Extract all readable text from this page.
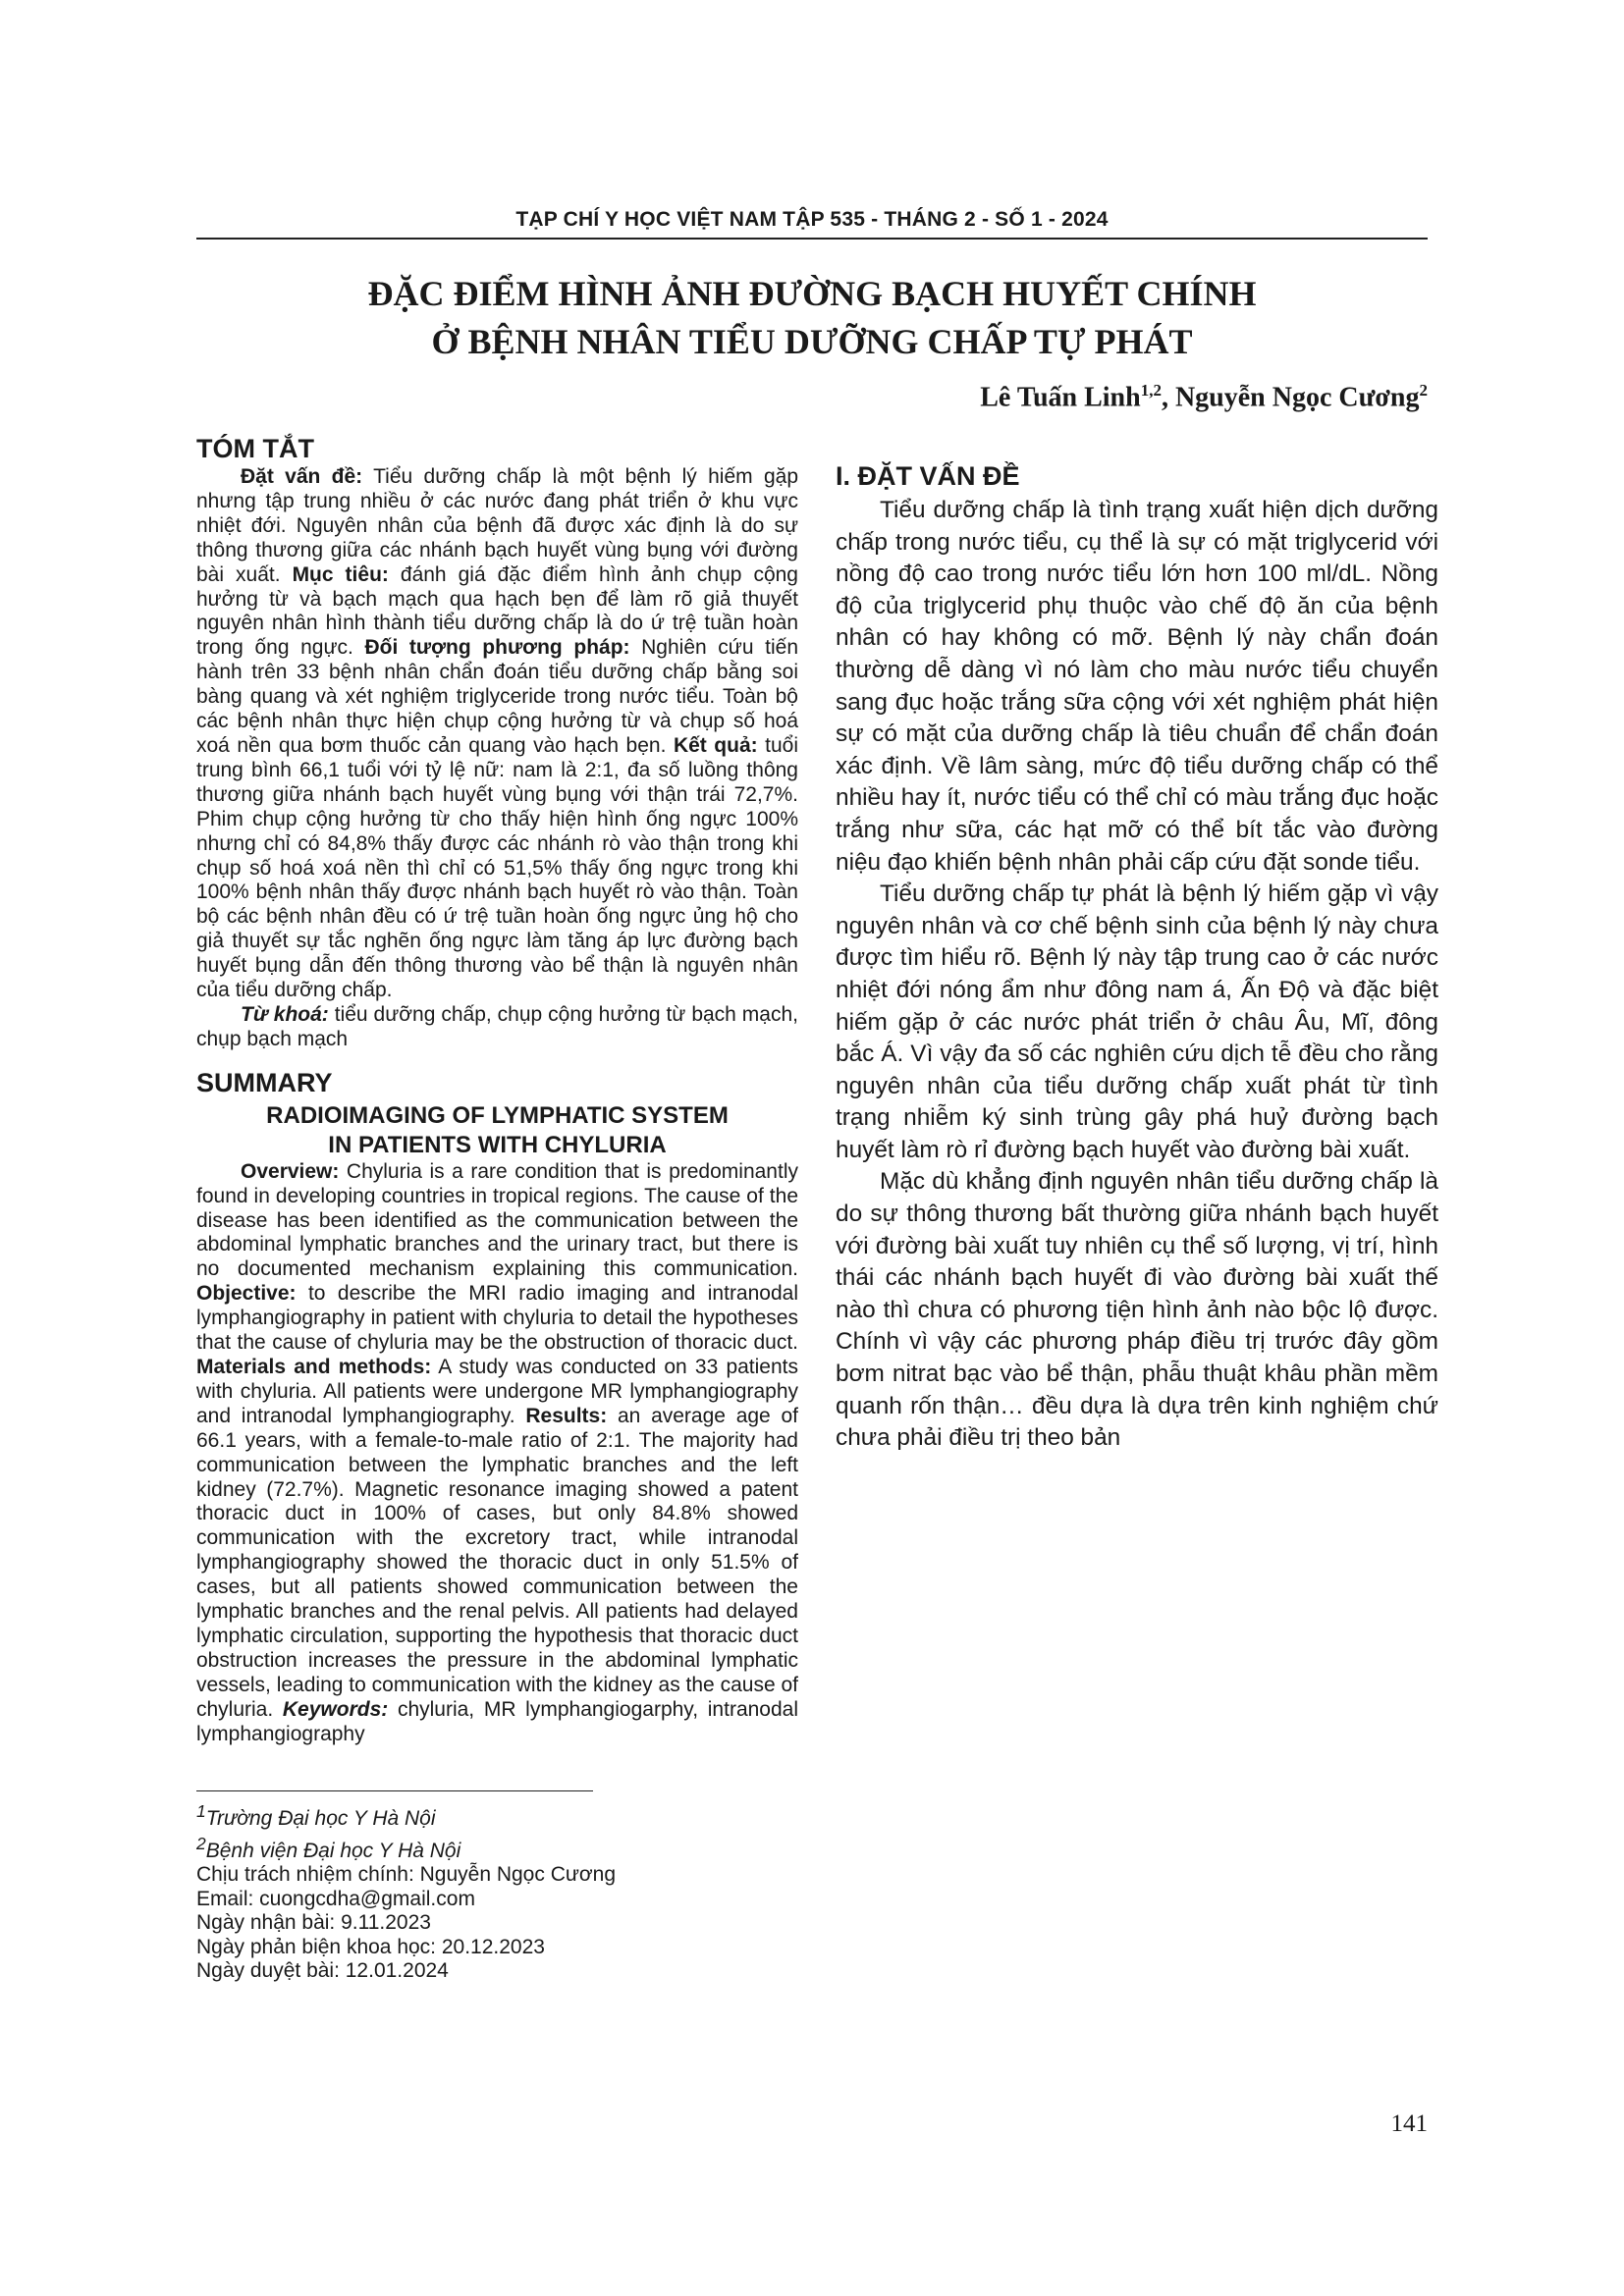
TẠP CHÍ Y HỌC VIỆT NAM TẬP 535 - THÁNG 2 - SỐ 1 - 2024
ĐẶC ĐIỂM HÌNH ẢNH ĐƯỜNG BẠCH HUYẾT CHÍNH
Ở BỆNH NHÂN TIỂU DƯỠNG CHẤP TỰ PHÁT
Lê Tuấn Linh$^{1,2}$, Nguyễn Ngọc Cương$^2$
TÓM TẮT

Đặt vấn đề: Tiểu dưỡng chấp là một bệnh lý hiếm gặp nhưng tập trung nhiều ở các nước đang phát triển ở khu vực nhiệt đới. Nguyên nhân của bệnh đã được xác định là do sự thông thương giữa các nhánh bạch huyết vùng bụng với đường bài xuất. Mục tiêu: đánh giá đặc điểm hình ảnh chụp cộng hưởng từ và bạch mạch qua hạch bẹn để làm rõ giả thuyết nguyên nhân hình thành tiểu dưỡng chấp là do ứ trệ tuần hoàn trong ống ngực. Đối tượng phương pháp: Nghiên cứu tiến hành trên 33 bệnh nhân chẩn đoán tiểu dưỡng chấp bằng soi bàng quang và xét nghiệm triglyceride trong nước tiểu. Toàn bộ các bệnh nhân thực hiện chụp cộng hưởng từ và chụp số hoá xoá nền qua bơm thuốc cản quang vào hạch bẹn. Kết quả: tuổi trung bình 66,1 tuổi với tỷ lệ nữ: nam là 2:1, đa số luồng thông thương giữa nhánh bạch huyết vùng bụng với thận trái 72,7%. Phim chụp cộng hưởng từ cho thấy hiện hình ống ngực 100% nhưng chỉ có 84,8% thấy được các nhánh rò vào thận trong khi chụp số hoá xoá nền thì chỉ có 51,5% thấy ống ngực trong khi 100% bệnh nhân thấy được nhánh bạch huyết rò vào thận. Toàn bộ các bệnh nhân đều có ứ trệ tuần hoàn ống ngực ủng hộ cho giả thuyết sự tắc nghẽn ống ngực làm tăng áp lực đường bạch huyết bụng dẫn đến thông thương vào bể thận là nguyên nhân của tiểu dưỡng chấp.

Từ khoá: tiểu dưỡng chấp, chụp cộng hưởng từ bạch mạch, chụp bạch mạch

SUMMARY
RADIOIMAGING OF LYMPHATIC SYSTEM
IN PATIENTS WITH CHYLURIA

Overview: Chyluria is a rare condition that is predominantly found in developing countries in tropical regions. The cause of the disease has been identified as the communication between the abdominal lymphatic branches and the urinary tract, but there is no documented mechanism explaining this communication. Objective: to describe the MRI radio imaging and intranodal lymphangiography in patient with chyluria to detail the hypotheses that the cause of chyluria may be the obstruction of thoracic duct. Materials and methods: A study was conducted on 33 patients with chyluria. All patients were undergone MR lymphangiography and intranodal lymphangiography. Results: an average age of 66.1 years, with a female-to-male ratio of 2:1. The majority had communication between the lymphatic branches and the left kidney (72.7%). Magnetic resonance imaging showed a patent thoracic duct in 100% of cases, but only 84.8% showed communication with the excretory tract, while intranodal lymphangiography showed the thoracic duct in only 51.5% of cases, but all patients showed communication between the lymphatic branches and the renal pelvis. All patients had delayed lymphatic circulation, supporting the hypothesis that thoracic duct obstruction increases the pressure in the abdominal lymphatic vessels, leading to communication with the kidney as the cause of chyluria. Keywords: chyluria, MR lymphangiogarphy, intranodal lymphangiography

$^1$Trường Đại học Y Hà Nội
$^2$Bệnh viện Đại học Y Hà Nội
Chịu trách nhiệm chính: Nguyễn Ngọc Cương
Email: cuongcdha@gmail.com
Ngày nhận bài: 9.11.2023
Ngày phản biện khoa học: 20.12.2023
Ngày duyệt bài: 12.01.2024
I. ĐẶT VẤN ĐỀ

Tiểu dưỡng chấp là tình trạng xuất hiện dịch dưỡng chấp trong nước tiểu, cụ thể là sự có mặt triglycerid với nồng độ cao trong nước tiểu lớn hơn 100 ml/dL. Nồng độ của triglycerid phụ thuộc vào chế độ ăn của bệnh nhân có hay không có mỡ. Bệnh lý này chẩn đoán thường dễ dàng vì nó làm cho màu nước tiểu chuyển sang đục hoặc trắng sữa cộng với xét nghiệm phát hiện sự có mặt của dưỡng chấp là tiêu chuẩn để chẩn đoán xác định. Về lâm sàng, mức độ tiểu dưỡng chấp có thể nhiều hay ít, nước tiểu có thể chỉ có màu trắng đục hoặc trắng như sữa, các hạt mỡ có thể bít tắc vào đường niệu đạo khiến bệnh nhân phải cấp cứu đặt sonde tiểu.

Tiểu dưỡng chấp tự phát là bệnh lý hiếm gặp vì vậy nguyên nhân và cơ chế bệnh sinh của bệnh lý này chưa được tìm hiểu rõ. Bệnh lý này tập trung cao ở các nước nhiệt đới nóng ẩm như đông nam á, Ấn Độ và đặc biệt hiếm gặp ở các nước phát triển ở châu Âu, Mĩ, đông bắc Á. Vì vậy đa số các nghiên cứu dịch tễ đều cho rằng nguyên nhân của tiểu dưỡng chấp xuất phát từ tình trạng nhiễm ký sinh trùng gây phá huỷ đường bạch huyết làm rò rỉ đường bạch huyết vào đường bài xuất.

Mặc dù khẳng định nguyên nhân tiểu dưỡng chấp là do sự thông thương bất thường giữa nhánh bạch huyết với đường bài xuất tuy nhiên cụ thể số lượng, vị trí, hình thái các nhánh bạch huyết đi vào đường bài xuất thế nào thì chưa có phương tiện hình ảnh nào bộc lộ được. Chính vì vậy các phương pháp điều trị trước đây gồm bơm nitrat bạc vào bể thận, phẫu thuật khâu phần mềm quanh rốn thận… đều dựa là dựa trên kinh nghiệm chứ chưa phải điều trị theo bản

141
